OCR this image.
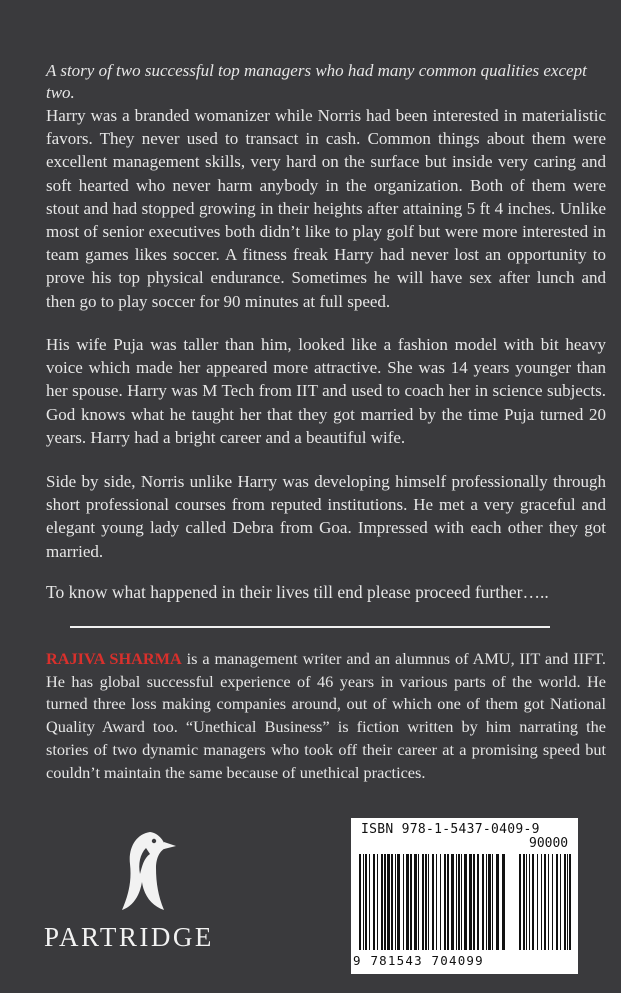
A story of two successful top managers who had many common qualities except two.
Harry was a branded womanizer while Norris had been interested in materialistic favors. They never used to transact in cash. Common things about them were excellent management skills, very hard on the surface but inside very caring and soft hearted who never harm anybody in the organization. Both of them were stout and had stopped growing in their heights after attaining 5 ft 4 inches. Unlike most of senior executives both didn’t like to play golf but were more interested in team games likes soccer. A fitness freak Harry had never lost an opportunity to prove his top physical endurance. Sometimes he will have sex after lunch and then go to play soccer for 90 minutes at full speed.
His wife Puja was taller than him, looked like a fashion model with bit heavy voice which made her appeared more attractive. She was 14 years younger than her spouse. Harry was M Tech from IIT and used to coach her in science subjects. God knows what he taught her that they got married by the time Puja turned 20 years. Harry had a bright career and a beautiful wife.
Side by side, Norris unlike Harry was developing himself professionally through short professional courses from reputed institutions. He met a very graceful and elegant young lady called Debra from Goa. Impressed with each other they got married.
To know what happened in their lives till end please proceed further…..
RAJIVA SHARMA is a management writer and an alumnus of AMU, IIT and IIFT. He has global successful experience of 46 years in various parts of the world. He turned three loss making companies around, out of which one of them got National Quality Award too. “Unethical Business” is fiction written by him narrating the stories of two dynamic managers who took off their career at a promising speed but couldn’t maintain the same because of unethical practices.
PARTRIDGE
ISBN 978-1-5437-0409-9
90000
9 781543 704099
